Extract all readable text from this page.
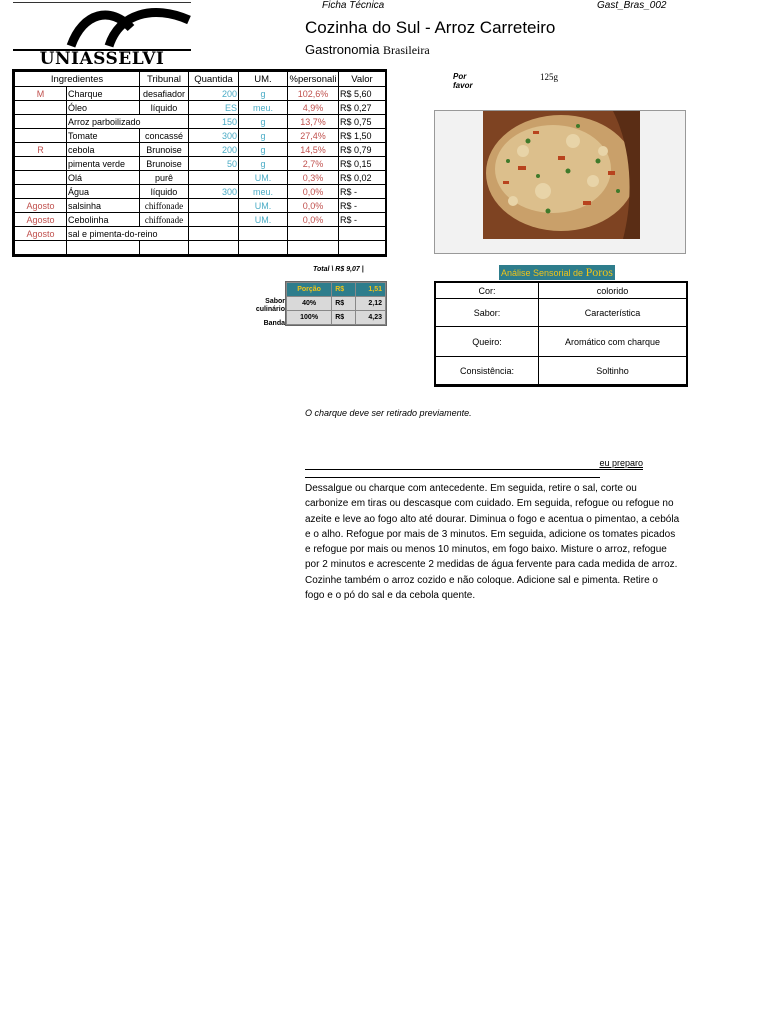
UNIASSELVI
Ficha Técnica	Gast_Bras_002
Cozinha do Sul - Arroz Carreteiro
Gastronomia Brasileira
Ingredientes		Tribunal	Quantida	UM.	%personali	Valor
M	Charque	desafiador	200	g	102,6%	R$ 5,60
	Óleo	líquido	ES	meu.	4,9%	R$ 0,27
	Arroz parboilizado		150	g	13,7%	R$ 0,75
	Tomate	concassé	300	g	27,4%	R$ 1,50
R	cebola	Brunoise	200	g	14,5%	R$ 0,79
	pimenta verde	Brunoise	50	g	2,7%	R$ 0,15
	Olá	purê		UM.	0,3%	R$ 0,02
	Água	líquido	300	meu.	0,0%	R$ -
Agosto	salsinha	chiffonade		UM.	0,0%	R$ -
Agosto	Cebolinha	chiffonade		UM.	0,0%	R$ -
Agosto	sal e pimenta-do-reino					

Total \ R$ 9,07 |
Porção	R$	1,51
40%	R$	2,12
100%	R$	4,23
Sabor
culinário
Banda
Por
favor
125g
Análise Sensorial de Poros
Cor:	colorido
Sabor:	Característica
Queiro:	Aromático com charque
Consistência:	Soltinho
O charque deve ser retirado previamente.
eu preparo
Dessalgue ou charque com antecedente. Em seguida, retire o sal, corte ou carbonize em tiras ou descasque com cuidado. Em seguida, refogue ou refogue no azeite e leve ao fogo alto até dourar. Diminua o fogo e acentua o pimentao, a cebóla e o alho. Refogue por mais de 3 minutos. Em seguida, adicione os tomates picados e refogue por mais ou menos 10 minutos, em fogo baixo. Misture o arroz, refogue por 2 minutos e acrescente 2 medidas de água fervente para cada medida de arroz. Cozinhe também o arroz cozido e não coloque. Adicione sal e pimenta. Retire o fogo e o pó do sal e da cebola quente.
